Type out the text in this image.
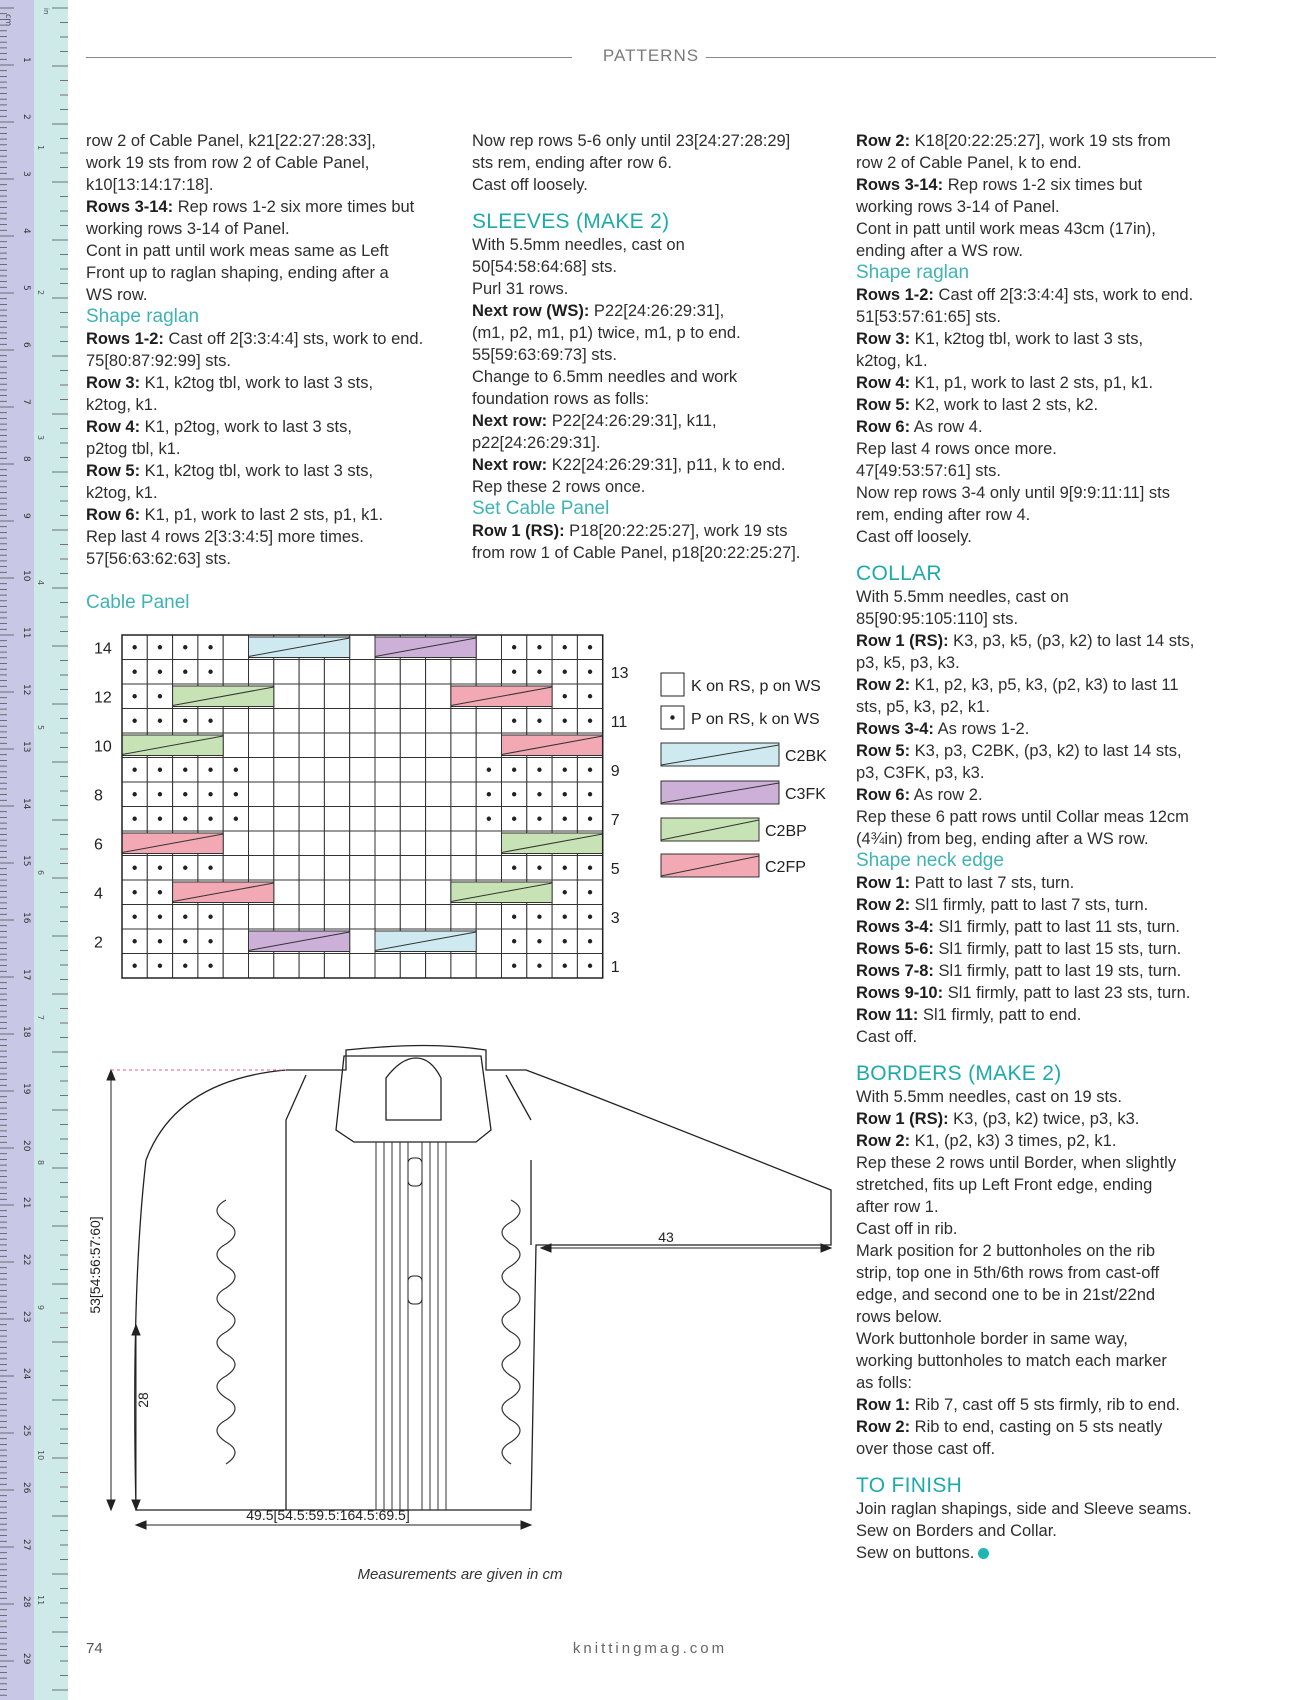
cm
in
1
2
3
4
5
6
7
8
9
10
11
12
13
14
15
16
17
18
19
20
21
22
23
24
25
26
27
28
29
1
2
3
4
5
6
7
8
9
10
11
PATTERNS

row 2 of Cable Panel, k21[22:27:28:33],

work 19 sts from row 2 of Cable Panel,

k10[13:14:17:18].

Rows 3-14: Rep rows 1-2 six more times but

working rows 3-14 of Panel.

Cont in patt until work meas same as Left

Front up to raglan shaping, ending after a

WS row.

Shape raglan

Rows 1-2: Cast off 2[3:3:4:4] sts, work to end.

75[80:87:92:99] sts.

Row 3: K1, k2tog tbl, work to last 3 sts,

k2tog, k1.

Row 4: K1, p2tog, work to last 3 sts,

p2tog tbl, k1.

Row 5: K1, k2tog tbl, work to last 3 sts,

k2tog, k1.

Row 6: K1, p1, work to last 2 sts, p1, k1.

Rep last 4 rows 2[3:3:4:5] more times.

57[56:63:62:63] sts.

Cable Panel

Now rep rows 5-6 only until 23[24:27:28:29]

sts rem, ending after row 6.

Cast off loosely.

SLEEVES (MAKE 2)

With 5.5mm needles, cast on

50[54:58:64:68] sts.

Purl 31 rows.

Next row (WS): P22[24:26:29:31],

(m1, p2, m1, p1) twice, m1, p to end.

55[59:63:69:73] sts.

Change to 6.5mm needles and work

foundation rows as folls:

Next row: P22[24:26:29:31], k11,

p22[24:26:29:31].

Next row: K22[24:26:29:31], p11, k to end.

Rep these 2 rows once.

Set Cable Panel

Row 1 (RS): P18[20:22:25:27], work 19 sts

from row 1 of Cable Panel, p18[20:22:25:27].

Row 2: K18[20:22:25:27], work 19 sts from

row 2 of Cable Panel, k to end.

Rows 3-14: Rep rows 1-2 six times but

working rows 3-14 of Panel.

Cont in patt until work meas 43cm (17in),

ending after a WS row.

Shape raglan

Rows 1-2: Cast off 2[3:3:4:4] sts, work to end.

51[53:57:61:65] sts.

Row 3: K1, k2tog tbl, work to last 3 sts,

k2tog, k1.

Row 4: K1, p1, work to last 2 sts, p1, k1.

Row 5: K2, work to last 2 sts, k2.

Row 6: As row 4.

Rep last 4 rows once more.

47[49:53:57:61] sts.

Now rep rows 3-4 only until 9[9:9:11:11] sts

rem, ending after row 4.

Cast off loosely.

COLLAR

With 5.5mm needles, cast on

85[90:95:105:110] sts.

Row 1 (RS): K3, p3, k5, (p3, k2) to last 14 sts,

p3, k5, p3, k3.

Row 2: K1, p2, k3, p5, k3, (p2, k3) to last 11

sts, p5, k3, p2, k1.

Rows 3-4: As rows 1-2.

Row 5: K3, p3, C2BK, (p3, k2) to last 14 sts,

p3, C3FK, p3, k3.

Row 6: As row 2.

Rep these 6 patt rows until Collar meas 12cm

(4¾in) from beg, ending after a WS row.

Shape neck edge

Row 1: Patt to last 7 sts, turn.

Row 2: Sl1 firmly, patt to last 7 sts, turn.

Rows 3-4: Sl1 firmly, patt to last 11 sts, turn.

Rows 5-6: Sl1 firmly, patt to last 15 sts, turn.

Rows 7-8: Sl1 firmly, patt to last 19 sts, turn.

Rows 9-10: Sl1 firmly, patt to last 23 sts, turn.

Row 11: Sl1 firmly, patt to end.

Cast off.

BORDERS (MAKE 2)

With 5.5mm needles, cast on 19 sts.

Row 1 (RS): K3, (p3, k2) twice, p3, k3.

Row 2: K1, (p2, k3) 3 times, p2, k1.

Rep these 2 rows until Border, when slightly

stretched, fits up Left Front edge, ending

after row 1.

Cast off in rib.

Mark position for 2 buttonholes on the rib

strip, top one in 5th/6th rows from cast-off

edge, and second one to be in 21st/22nd

rows below.

Work buttonhole border in same way,

working buttonholes to match each marker

as folls:

Row 1: Rib 7, cast off 5 sts firmly, rib to end.

Row 2: Rib to end, casting on 5 sts neatly

over those cast off.

TO FINISH

Join raglan shapings, side and Sleeve seams.

Sew on Borders and Collar.

Sew on buttons.

14
12
10
8
6
4
2
13
11
9
7
5
3
1
K on RS, p on WS
P on RS, k on WS
C2BK
C3FK
C2BP
C2FP
53[54:56:57:60]
28
49.5[54.5:59.5:164.5:69.5]
43
Measurements are given in cm
74	knittingmag.com
